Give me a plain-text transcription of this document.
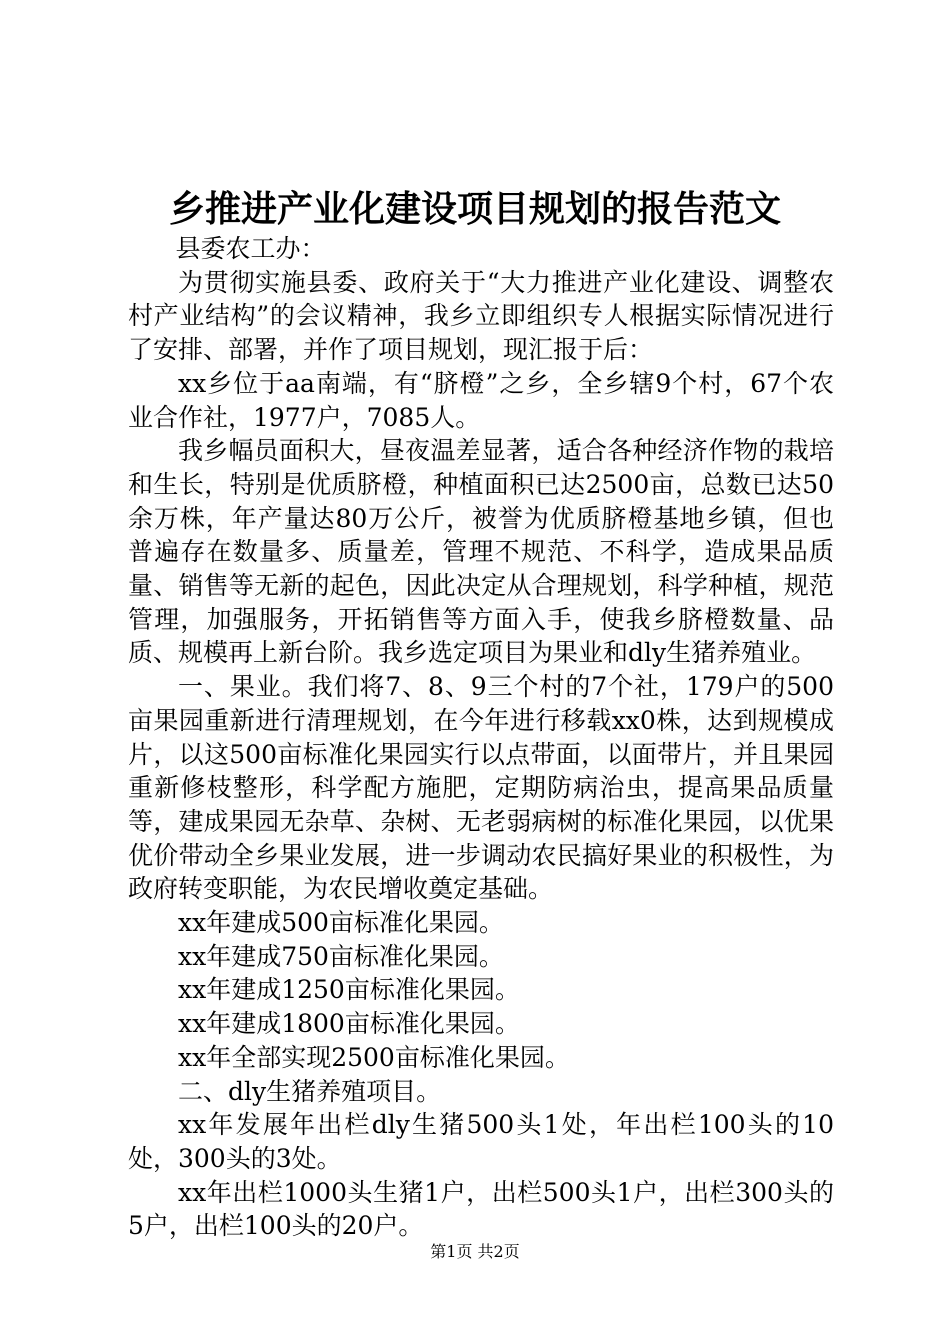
乡推进产业化建设项目规划的报告范文

县委农工办：

为贯彻实施县委、政府关于“大力推进产业化建设、调整农村产业结构”的会议精神，我乡立即组织专人根据实际情况进行了安排、部署，并作了项目规划，现汇报于后：

xx乡位于aa南端，有“脐橙”之乡，全乡辖9个村，67个农业合作社，1977户，7085人。

我乡幅员面积大，昼夜温差显著，适合各种经济作物的栽培和生长，特别是优质脐橙，种植面积已达2500亩，总数已达50余万株，年产量达80万公斤，被誉为优质脐橙基地乡镇，但也普遍存在数量多、质量差，管理不规范、不科学，造成果品质量、销售等无新的起色，因此决定从合理规划，科学种植，规范管理，加强服务，开拓销售等方面入手，使我乡脐橙数量、品质、规模再上新台阶。我乡选定项目为果业和dly生猪养殖业。

一、果业。我们将7、8、9三个村的7个社，179户的500亩果园重新进行清理规划，在今年进行移载xx0株，达到规模成片，以这500亩标准化果园实行以点带面，以面带片，并且果园重新修枝整形，科学配方施肥，定期防病治虫，提高果品质量等，建成果园无杂草、杂树、无老弱病树的标准化果园，以优果优价带动全乡果业发展，进一步调动农民搞好果业的积极性，为政府转变职能，为农民增收奠定基础。

xx年建成500亩标准化果园。

xx年建成750亩标准化果园。

xx年建成1250亩标准化果园。

xx年建成1800亩标准化果园。

xx年全部实现2500亩标准化果园。

二、dly生猪养殖项目。

xx年发展年出栏dly生猪500头1处，年出栏100头的10处，300头的3处。

xx年出栏1000头生猪1户，出栏500头1户，出栏300头的5户，出栏100头的20户。

第1页 共2页
